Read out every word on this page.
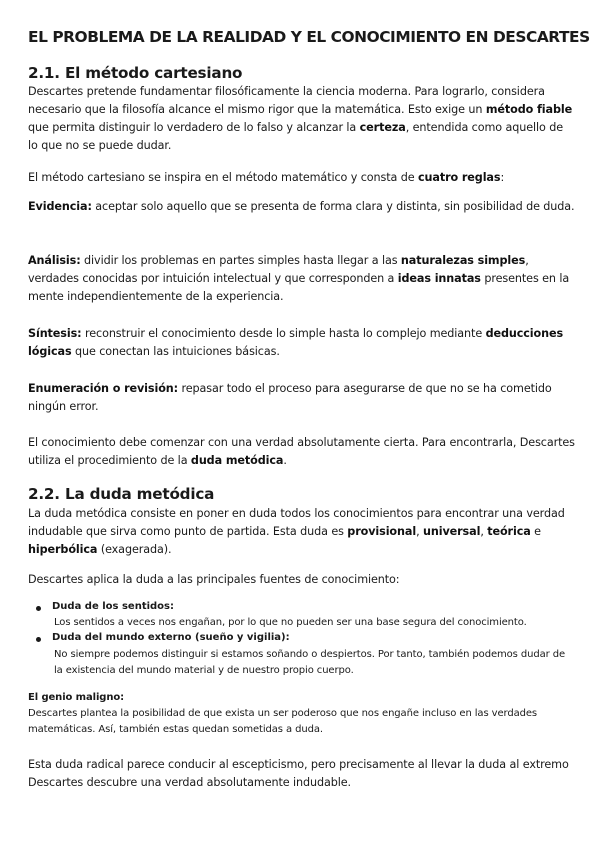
EL PROBLEMA DE LA REALIDAD Y EL CONOCIMIENTO EN DESCARTES
2.1. El método cartesiano

Descartes pretende fundamentar filosóficamente la ciencia moderna. Para lograrlo, considera necesario que la filosofía alcance el mismo rigor que la matemática. Esto exige un método fiable que permita distinguir lo verdadero de lo falso y alcanzar la certeza, entendida como aquello de lo que no se puede dudar.

El método cartesiano se inspira en el método matemático y consta de cuatro reglas:

Evidencia: aceptar solo aquello que se presenta de forma clara y distinta, sin posibilidad de duda.

Análisis: dividir los problemas en partes simples hasta llegar a las naturalezas simples, verdades conocidas por intuición intelectual y que corresponden a ideas innatas presentes en la mente independientemente de la experiencia.

Síntesis: reconstruir el conocimiento desde lo simple hasta lo complejo mediante deducciones lógicas que conectan las intuiciones básicas.

Enumeración o revisión: repasar todo el proceso para asegurarse de que no se ha cometido ningún error.

El conocimiento debe comenzar con una verdad absolutamente cierta. Para encontrarla, Descartes utiliza el procedimiento de la duda metódica.

2.2. La duda metódica

La duda metódica consiste en poner en duda todos los conocimientos para encontrar una verdad indudable que sirva como punto de partida. Esta duda es provisional, universal, teórica e hiperbólica (exagerada).

Descartes aplica la duda a las principales fuentes de conocimiento:

Duda de los sentidos:

Los sentidos a veces nos engañan, por lo que no pueden ser una base segura del conocimiento.

Duda del mundo externo (sueño y vigilia):

No siempre podemos distinguir si estamos soñando o despiertos. Por tanto, también podemos dudar de la existencia del mundo material y de nuestro propio cuerpo.

El genio maligno:

Descartes plantea la posibilidad de que exista un ser poderoso que nos engañe incluso en las verdades matemáticas. Así, también estas quedan sometidas a duda.

Esta duda radical parece conducir al escepticismo, pero precisamente al llevar la duda al extremo Descartes descubre una verdad absolutamente indudable.
